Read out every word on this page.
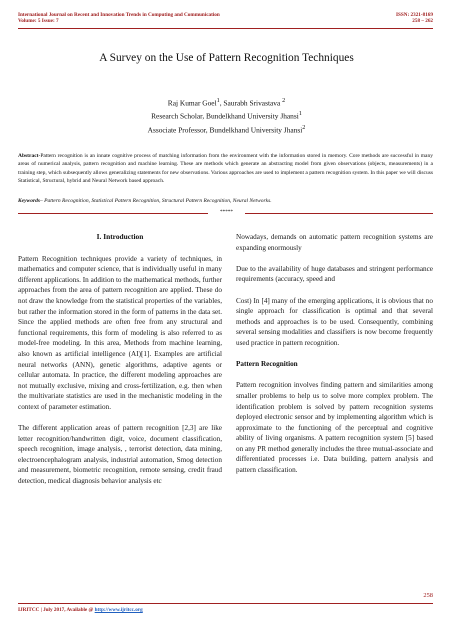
International Journal on Recent and Innovation Trends in Computing and Communication
Volume: 5 Issue: 7
ISSN: 2321-8169
258 – 262
A Survey on the Use of Pattern Recognition Techniques
Raj Kumar Goel$^1$, Saurabh Srivastava $^2$
Research Scholar, Bundelkhand University Jhansi$^1$
Associate Professor, Bundelkhand University Jhansi$^2$
Abstract-Pattern recognition is an innate cognitive process of matching information from the environment with the information stored in memory. Core methods are successful in many areas of numerical analysis, pattern recognition and machine learning. These are methods which generate an abstracting model from given observations (objects, measurements) in a training step, which subsequently allows generalizing statements for new observations. Various approaches are used to implement a pattern recognition system. In this paper we will discuss Statistical, Structural, hybrid and Neural Network based approach.
Keywords– Pattern Recognition, Statistical Pattern Recognition, Structural Pattern Recognition, Neural Networks.
*****
I. Introduction

Pattern Recognition techniques provide a variety of techniques, in mathematics and computer science, that is individually useful in many different applications. In addition to the mathematical methods, further approaches from the area of pattern recognition are applied. These do not draw the knowledge from the statistical properties of the variables, but rather the information stored in the form of patterns in the data set. Since the applied methods are often free from any structural and functional requirements, this form of modeling is also referred to as model-free modeling. In this area, Methods from machine learning, also known as artificial intelligence (AI)[1]. Examples are artificial neural networks (ANN), genetic algorithms, adaptive agents or cellular automata. In practice, the different modeling approaches are not mutually exclusive, mixing and cross-fertilization, e.g. then when the multivariate statistics are used in the mechanistic modeling in the context of parameter estimation.

The different application areas of pattern recognition [2,3] are like letter recognition/handwritten digit, voice, document classification, speech recognition, image analysis, , terrorist detection, data mining, electroencephalogram analysis, industrial automation, Smog detection and measurement, biometric recognition, remote sensing, credit fraud detection, medical diagnosis behavior analysis etc

Nowadays, demands on automatic pattern recognition systems are expanding enormously

Due to the availability of huge databases and stringent performance requirements (accuracy, speed and

Cost) In [4] many of the emerging applications, it is obvious that no single approach for classification is optimal and that several methods and approaches is to be used. Consequently, combining several sensing modalities and classifiers is now become frequently used practice in pattern recognition.

Pattern Recognition

Pattern recognition involves finding pattern and similarities among smaller problems to help us to solve more complex problem. The identification problem is solved by pattern recognition systems deployed electronic sensor and by implementing algorithm which is approximate to the functioning of the perceptual and cognitive ability of living organisms. A pattern recognition system [5] based on any PR method generally includes the three mutual-associate and differentiated processes i.e. Data building, pattern analysis and pattern classification.

258
IJRITCC | July 2017, Available @ http://www.ijritcc.org
